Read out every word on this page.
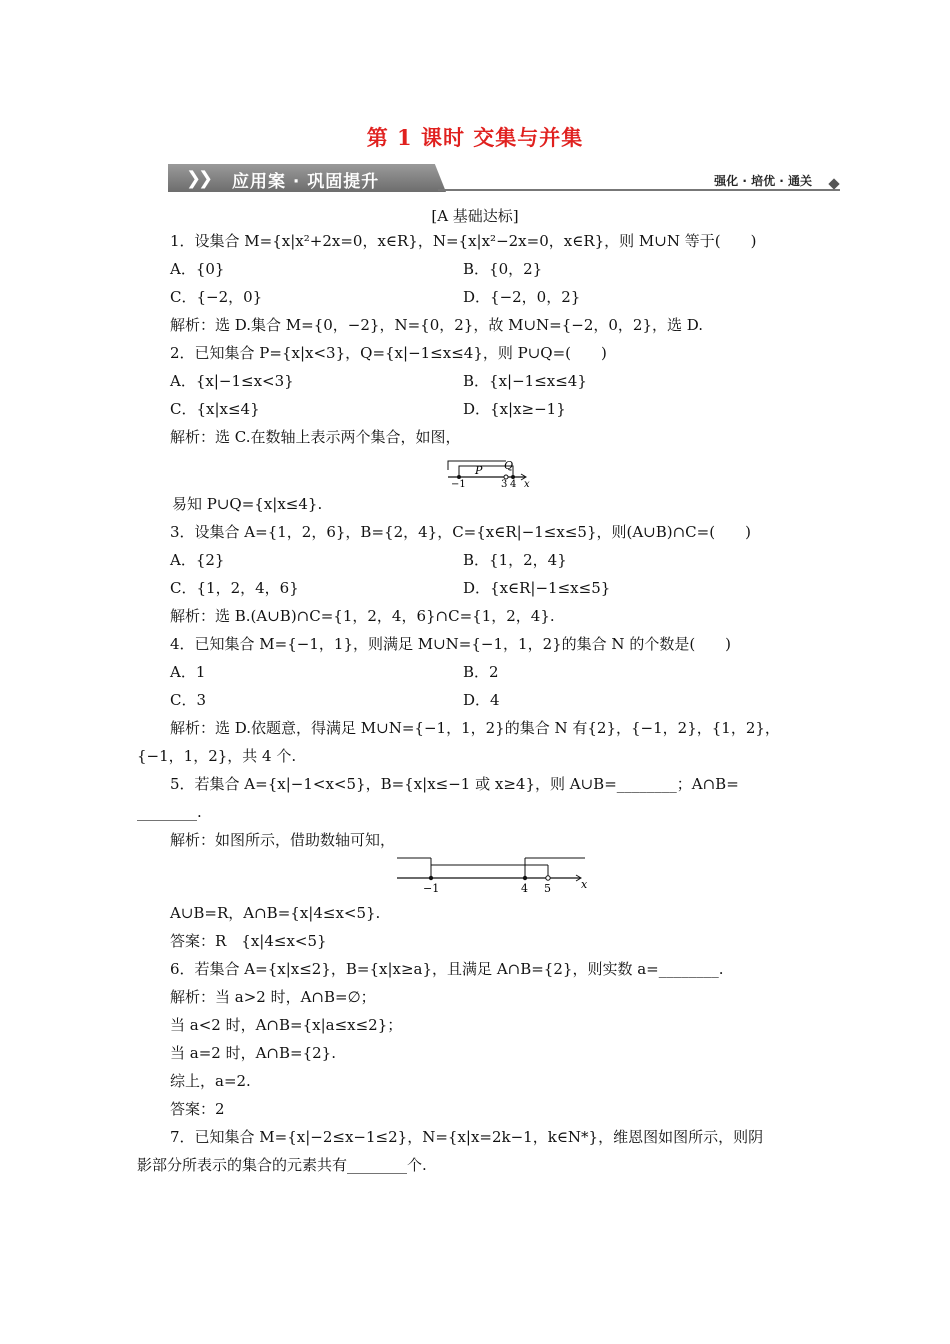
第 1 课时 交集与并集
❯
❯ 应用案 · 巩固提升	强化 · 培优 · 通关
[A 基础达标]
1．设集合 M={x|x²+2x=0，x∈R}，N={x|x²−2x=0，x∈R}，则 M∪N 等于(　　)
A．{0}	B．{0，2}
C．{−2，0}	D．{−2，0，2}
解析：选 D.集合 M={0，−2}，N={0，2}，故 M∪N={−2，0，2}，选 D.
2．已知集合 P={x|x<3}，Q={x|−1≤x≤4}，则 P∪Q=(　　)
A．{x|−1≤x<3}	B．{x|−1≤x≤4}
C．{x|x≤4}	D．{x|x≥−1}
解析：选 C.在数轴上表示两个集合，如图，
P Q
−1	3 4 x
易知 P∪Q={x|x≤4}.
3．设集合 A={1，2，6}，B={2，4}，C={x∈R|−1≤x≤5}，则(A∪B)∩C=(　　)
A．{2}	B．{1，2，4}
C．{1，2，4，6}	D．{x∈R|−1≤x≤5}
解析：选 B.(A∪B)∩C={1，2，4，6}∩C={1，2，4}.
4．已知集合 M={−1，1}，则满足 M∪N={−1，1，2}的集合 N 的个数是(　　)
A．1	B．2
C．3	D．4
解析：选 D.依题意，得满足 M∪N={−1，1，2}的集合 N 有{2}，{−1，2}，{1，2}，
{−1，1，2}，共 4 个.
5．若集合 A={x|−1<x<5}，B={x|x≤−1 或 x≥4}，则 A∪B=________；A∩B=
________.
解析：如图所示，借助数轴可知，
−1	4 5	x
A∪B=R，A∩B={x|4≤x<5}.
答案：R　{x|4≤x<5}
6．若集合 A={x|x≤2}，B={x|x≥a}，且满足 A∩B={2}，则实数 a=________.
解析：当 a>2 时，A∩B=∅；
当 a<2 时，A∩B={x|a≤x≤2}；
当 a=2 时，A∩B={2}.
综上，a=2.
答案：2
7．已知集合 M={x|−2≤x−1≤2}，N={x|x=2k−1，k∈N*}，维恩图如图所示，则阴
影部分所表示的集合的元素共有________个.
